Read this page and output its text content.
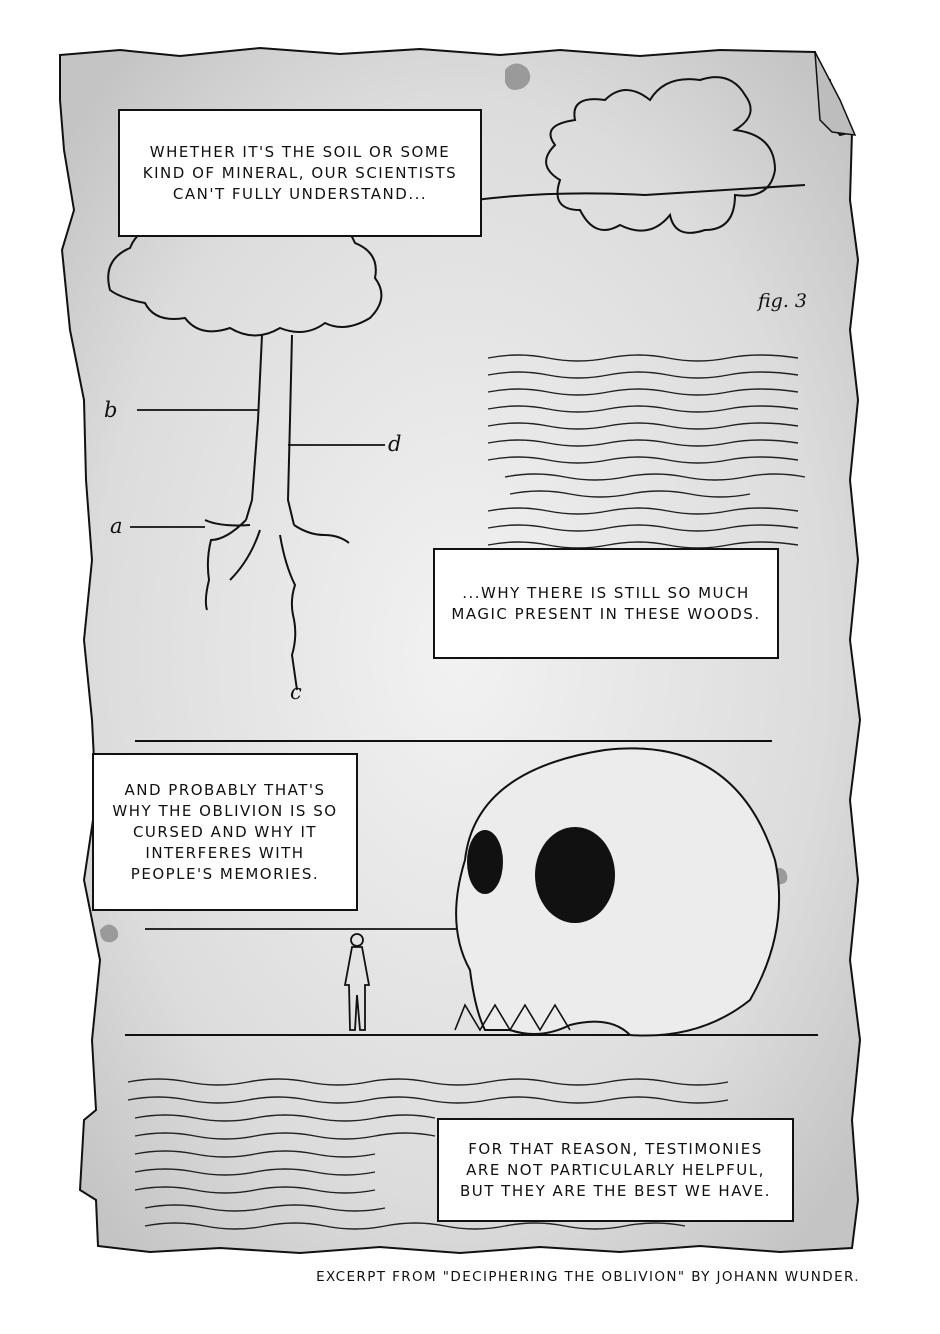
fig. 3
b
d
a
c
WHETHER IT'S THE SOIL OR SOME KIND OF MINERAL, OUR SCIENTISTS CAN'T FULLY UNDERSTAND...
...WHY THERE IS STILL SO MUCH MAGIC PRESENT IN THESE WOODS.
AND PROBABLY THAT'S WHY THE OBLIVION IS SO CURSED AND WHY IT INTERFERES WITH PEOPLE'S MEMORIES.
FOR THAT REASON, TESTIMONIES ARE NOT PARTICULARLY HELPFUL, BUT THEY ARE THE BEST WE HAVE.
EXCERPT FROM "DECIPHERING THE OBLIVION" BY JOHANN WUNDER.
